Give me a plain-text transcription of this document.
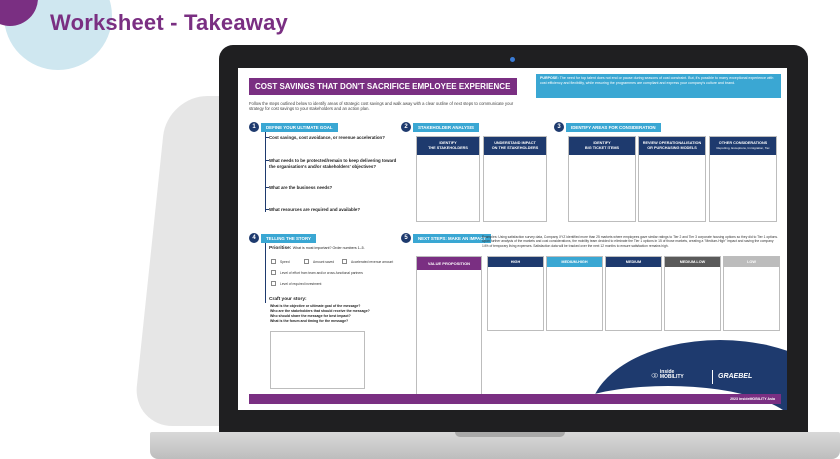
Worksheet - Takeaway
COST SAVINGS THAT DON'T SACRIFICE EMPLOYEE EXPERIENCE
PURPOSE: The need for top talent does not end or pause during seasons of cost constraint. But, it's possible to marry exceptional experience with cost efficiency and flexibility, while ensuring the programmes are compliant and express your company's culture and brand.
Follow the steps outlined below to identify areas of strategic cost savings and walk away with a clear outline of next steps to communicate your strategy for cost savings to your stakeholders and an action plan.
1	DEFINE YOUR ULTIMATE GOAL
Cost savings, cost avoidance, or revenue acceleration?
What needs to be protected/remain to keep delivering toward the organisation's and/or stakeholders' objectives?
What are the business needs?
What resources are required and available?
2	STAKEHOLDER ANALYSIS
IDENTIFY
THE STAKEHOLDERS
UNDERSTAND IMPACT
ON THE STAKEHOLDERS
3	IDENTIFY AREAS FOR CONSIDERATION
IDENTIFY
BIG TICKET ITEMS
REVIEW OPERATIONALISATION
OR PURCHASING MODELS
OTHER CONSIDERATIONS
Reporting, Exceptions, Immigration, Tax
4	TELLING THE STORY
Prioritise: What is most important? Order numbers 1–5.
Speed	Amount saved	Accelerated revenue amount
Level of effort from team and/or cross-functional partners
Level of required investment
Craft your story:
What is the objective or ultimate goal of the message?
Who are the stakeholders that should receive the message?
Who should share the message for best impact?
What is the forum and timing for the message?
5	NEXT STEPS: MAKE AN IMPACT
Examples: Using satisfaction survey data, Company XYZ identified more than 25 markets where employees gave similar ratings to Tier 2 and Tier 3 corporate housing options so they did to Tier 1 options. Upon further analysis of the markets and cost considerations, the mobility team decided to eliminate the Tier 1 options in 15 of those markets, creating a "Medium-High" impact and saving the company 14% of temporary living expenses. Satisfaction data will be tracked over the next 12 months to ensure satisfaction remains high.
VALUE PROPOSITION	HIGH	MEDIUM-HIGH	MEDIUM	MEDIUM-LOW	LOW
○○ inside
MOBILITY	GRAEBEL
2023 insideMOBILITY Asia
